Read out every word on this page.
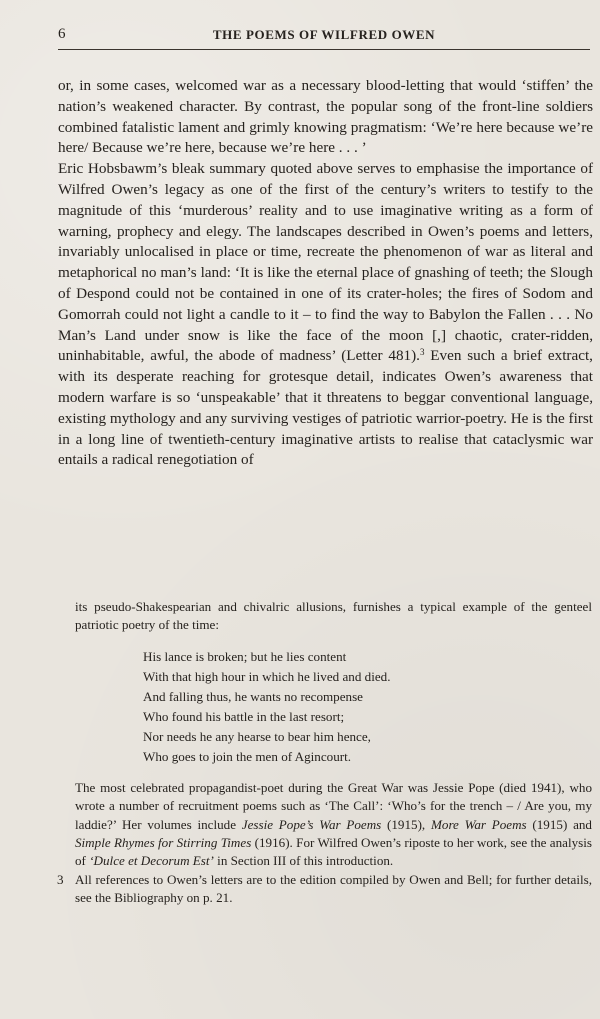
6	THE POEMS OF WILFRED OWEN

or, in some cases, welcomed war as a necessary blood-letting that would ‘stiffen’ the nation’s weakened character. By contrast, the popular song of the front-line soldiers combined fatalistic lament and grimly knowing pragmatism: ‘We’re here because we’re here/ Because we’re here, because we’re here . . . ’

Eric Hobsbawm’s bleak summary quoted above serves to emphasise the importance of Wilfred Owen’s legacy as one of the first of the century’s writers to testify to the magnitude of this ‘murderous’ reality and to use imaginative writing as a form of warning, prophecy and elegy. The landscapes described in Owen’s poems and letters, invariably unlocalised in place or time, recreate the phenomenon of war as literal and metaphorical no man’s land: ‘It is like the eternal place of gnashing of teeth; the Slough of Despond could not be contained in one of its crater-holes; the fires of Sodom and Gomorrah could not light a candle to it – to find the way to Babylon the Fallen . . . No Man’s Land under snow is like the face of the moon [,] chaotic, crater-ridden, uninhabitable, awful, the abode of madness’ (Letter 481).$^3$ Even such a brief extract, with its desperate reaching for grotesque detail, indicates Owen’s awareness that modern warfare is so ‘unspeakable’ that it threatens to beggar conventional language, existing mythology and any surviving vestiges of patriotic warrior-poetry. He is the first in a long line of twentieth-century imaginative artists to realise that cataclysmic war entails a radical renegotiation of

its pseudo-Shakespearian and chivalric allusions, furnishes a typical example of the genteel patriotic poetry of the time:

His lance is broken; but he lies content
With that high hour in which he lived and died.
And falling thus, he wants no recompense
Who found his battle in the last resort;
Nor needs he any hearse to bear him hence,
Who goes to join the men of Agincourt.

The most celebrated propagandist-poet during the Great War was Jessie Pope (died 1941), who wrote a number of recruitment poems such as ‘The Call’: ‘Who’s for the trench – / Are you, my laddie?’ Her volumes include Jessie Pope’s War Poems (1915), More War Poems (1915) and Simple Rhymes for Stirring Times (1916). For Wilfred Owen’s riposte to her work, see the analysis of ‘Dulce et Decorum Est’ in Section III of this introduction.

3 All references to Owen’s letters are to the edition compiled by Owen and Bell; for further details, see the Bibliography on p. 21.
